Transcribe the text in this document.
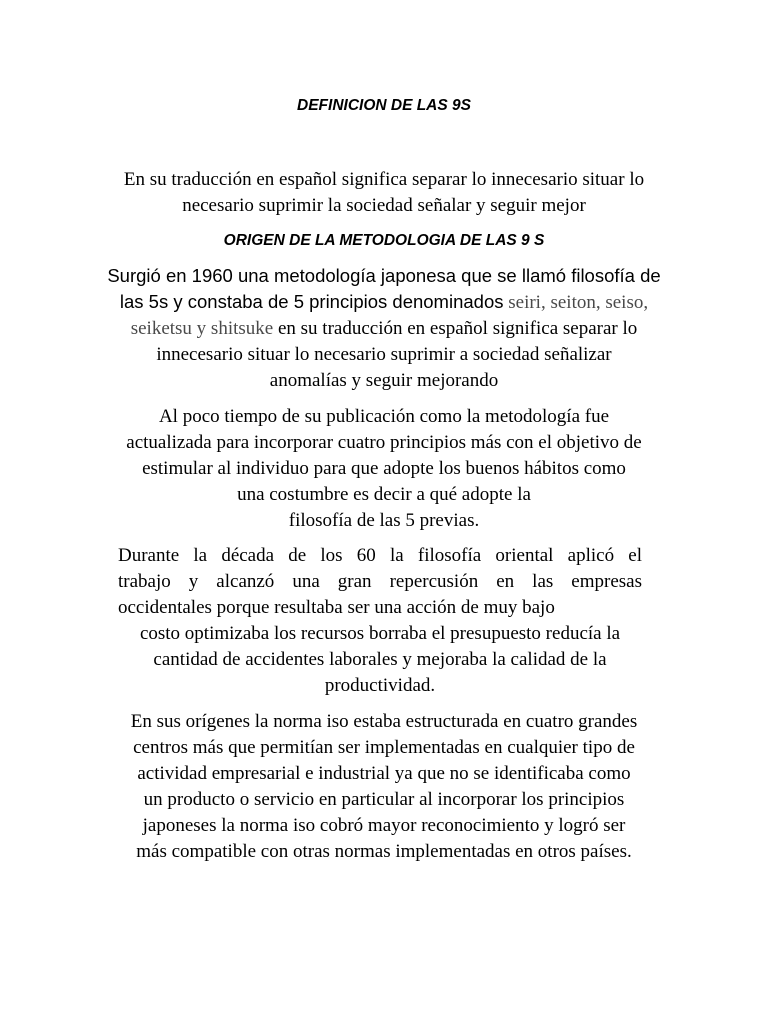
DEFINICION DE LAS 9S
En su traducción en español significa separar lo innecesario situar lo
necesario suprimir la sociedad señalar y seguir mejor
ORIGEN DE LA METODOLOGIA DE LAS 9 S
Surgió en 1960 una metodología japonesa que se llamó filosofía de
las 5s y constaba de 5 principios denominados seiri, seiton, seiso,
seiketsu y shitsuke en su traducción en español significa separar lo
innecesario situar lo necesario suprimir a sociedad señalizar
anomalías y seguir mejorando
Al poco tiempo de su publicación como la metodología fue
actualizada para incorporar cuatro principios más con el objetivo de
estimular al individuo para que adopte los buenos hábitos como
una costumbre es decir a qué adopte la
filosofía de las 5 previas.
Durante la década de los 60 la filosofía oriental aplicó el
trabajo y alcanzó una gran repercusión en las empresas
occidentales porque resultaba ser una acción de muy bajo
costo optimizaba los recursos borraba el presupuesto reducía la
cantidad de accidentes laborales y mejoraba la calidad de la
productividad.
En sus orígenes la norma iso estaba estructurada en cuatro grandes
centros más que permitían ser implementadas en cualquier tipo de
actividad empresarial e industrial ya que no se identificaba como
un producto o servicio en particular al incorporar los principios
japoneses la norma iso cobró mayor reconocimiento y logró ser
más compatible con otras normas implementadas en otros países.
